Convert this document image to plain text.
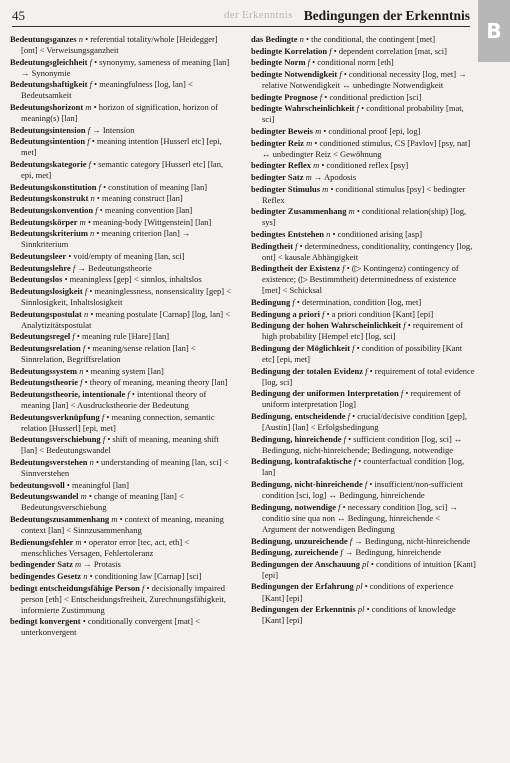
45	der Erkenntnis Bedingungen der Erkenntnis
B
Bedeutungsganzes n • referential totality/whole [Heidegger] [ont] < Verweisungsganzheit
Bedeutungsgleichheit f • synonymy, sameness of meaning [lan] → Synonymie
Bedeutungshaftigkeit f • meaningfulness [log, lan] < Bedeutsamkeit
Bedeutungshorizont m • horizon of signification, horizon of meaning(s) [lan]
Bedeutungsintension f → Intension
Bedeutungsintention f • meaning intention [Husserl etc] [epi, met]
Bedeutungskategorie f • semantic category [Husserl etc] [lan, epi, met]
Bedeutungskonstitution f • constitution of meaning [lan]
Bedeutungskonstrukt n • meaning construct [lan]
Bedeutungskonvention f • meaning convention [lan]
Bedeutungskörper m • meaning-body [Wittgenstein] [lan]
Bedeutungskriterium n • meaning criterion [lan] → Sinnkriterium
Bedeutungsleer • void/empty of meaning [lan, sci]
Bedeutungslehre f → Bedeutungstheorie
Bedeutungslos • meaningless [gep] < sinnlos, inhaltslos
Bedeutungslosigkeit f • meaninglessness, nonsensicality [gep] < Sinnlosigkeit, Inhaltslosigkeit
Bedeutungspostulat n • meaning postulate [Carnap] [log, lan] < Analytizitätspostulat
Bedeutungsregel f • meaning rule [Hare] [lan]
Bedeutungsrelation f • meaning/sense relation [lan] < Sinnrelation, Begriffsrelation
Bedeutungssystem n • meaning system [lan]
Bedeutungstheorie f • theory of meaning, meaning theory [lan]
Bedeutungstheorie, intentionale f • intentional theory of meaning [lan] < Ausdruckstheorie der Bedeutung
Bedeutungsverknüpfung f • meaning connection, semantic relation [Husserl] [epi, met]
Bedeutungsverschiebung f • shift of meaning, meaning shift [lan] < Bedeutungswandel
Bedeutungsverstehen n • understanding of meaning [lan, sci] < Sinnverstehen
bedeutungsvoll • meaningful [lan]
Bedeutungswandel m • change of meaning [lan] < Bedeutungsverschiebung
Bedeutungszusammenhang m • context of meaning, meaning context [lan] < Sinnzusammenhang
Bedienungsfehler m • operator error [tec, act, eth] < menschliches Versagen, Fehlertoleranz
bedingender Satz m → Protasis
bedingendes Gesetz n • conditioning law [Carnap] [sci]
bedingt entscheidungsfähige Person f • decisionally impaired person [eth] < Entscheidungsfreiheit, Zurechnungsfähigkeit, informierte Zustimmung
bedingt konvergent • conditionally convergent [mat] < unterkonvergent
das Bedingte n • the conditional, the contingent [met]
bedingte Korrelation f • dependent correlation [mat, sci]
bedingte Norm f • conditional norm [eth]
bedingte Notwendigkeit f • conditional necessity [log, met] → relative Notwendigkeit ↔ unbedingte Notwendigkeit
bedingte Prognose f • conditional prediction [sci]
bedingte Wahrscheinlichkeit f • conditional probability [mat, sci]
bedingter Beweis m • conditional proof [epi, log]
bedingter Reiz m • conditioned stimulus, CS [Pavlov] [psy, nat] ↔ unbedingter Reiz < Gewöhnung
bedingter Reflex m • conditioned reflex [psy]
bedingter Satz m → Apodosis
bedingter Stimulus m • conditional stimulus [psy] < bedingter Reflex
bedingter Zusammenhang m • conditional relation(ship) [log, sys]
bedingtes Entstehen n • conditioned arising [asp]
Bedingtheit f • determinedness, conditionality, contingency [log, ont] < kausale Abhängigkeit
Bedingtheit der Existenz f • (▷ Kontingenz) contingency of existence; (▷ Bestimmtheit) determinedness of existence [met] < Schicksal
Bedingung f • determination, condition [log, met]
Bedingung a priori f • a priori condition [Kant] [epi]
Bedingung der hohen Wahrscheinlichkeit f • requirement of high probability [Hempel etc] [log, sci]
Bedingung der Möglichkeit f • condition of possibility [Kant etc] [epi, met]
Bedingung der totalen Evidenz f • requirement of total evidence [log, sci]
Bedingung der uniformen Interpretation f • requirement of uniform interpretation [log]
Bedingung, entscheidende f • crucial/decisive condition [gep], [Austin] [lan] < Erfolgsbedingung
Bedingung, hinreichende f • sufficient condition [log, sci] ↔ Bedingung, nicht-hinreichende; Bedingung, notwendige
Bedingung, kontrafaktische f • counterfactual condition [log, lan]
Bedingung, nicht-hinreichende f • insufficient/non-sufficient condition [sci, log] ↔ Bedingung, hinreichende
Bedingung, notwendige f • necessary condition [log, sci] → conditio sine qua non ↔ Bedingung, hinreichende < Argument der notwendigen Bedingung
Bedingung, unzureichende f → Bedingung, nicht-hinreichende
Bedingung, zureichende f → Bedingung, hinreichende
Bedingungen der Anschauung pl • conditions of intuition [Kant] [epi]
Bedingungen der Erfahrung pl • conditions of experience [Kant] [epi]
Bedingungen der Erkenntnis pl • conditions of knowledge [Kant] [epi]
